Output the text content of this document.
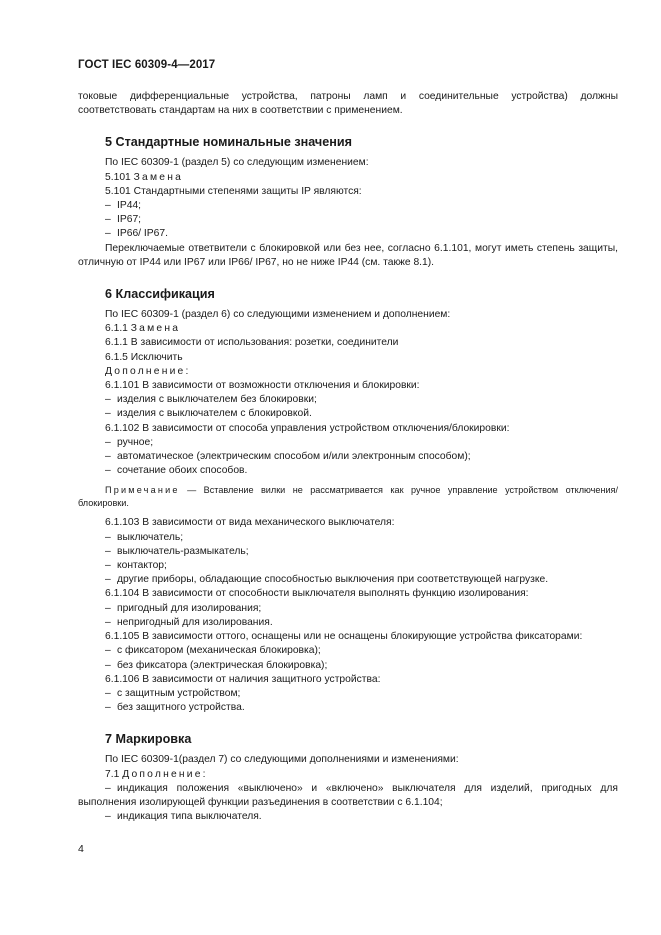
ГОСТ IEC 60309-4—2017

токовые дифференциальные устройства, патроны ламп и соединительные устройства) должны соответствовать стандартам на них в соответствии с применением.

5 Стандартные номинальные значения

По IEC 60309-1 (раздел 5) со следующим изменением:

5.101 Замена

5.101 Стандартными степенями защиты IP являются:

– IP44;

– IP67;

– IP66/ IP67.

Переключаемые ответвители с блокировкой или без нее, согласно 6.1.101, могут иметь степень защиты, отличную от IP44 или IP67 или IP66/ IP67, но не ниже IP44 (см. также 8.1).

6 Классификация

По IEC 60309-1 (раздел 6) со следующими изменением и дополнением:

6.1.1 Замена

6.1.1 В зависимости от использования: розетки, соединители

6.1.5 Исключить

Дополнение:

6.1.101 В зависимости от возможности отключения и блокировки:

– изделия с выключателем без блокировки;

– изделия с выключателем с блокировкой.

6.1.102 В зависимости от способа управления устройством отключения/блокировки:

– ручное;

– автоматическое (электрическим способом и/или электронным способом);

– сочетание обоих способов.

Примечание — Вставление вилки не рассматривается как ручное управление устройством отключения/блокировки.

6.1.103 В зависимости от вида механического выключателя:

– выключатель;

– выключатель-размыкатель;

– контактор;

– другие приборы, обладающие способностью выключения при соответствующей нагрузке.

6.1.104 В зависимости от способности выключателя выполнять функцию изолирования:

– пригодный для изолирования;

– непригодный для изолирования.

6.1.105 В зависимости оттого, оснащены или не оснащены блокирующие устройства фиксаторами:

– с фиксатором (механическая блокировка);

– без фиксатора (электрическая блокировка);

6.1.106 В зависимости от наличия защитного устройства:

– с защитным устройством;

– без защитного устройства.

7 Маркировка

По IEC 60309-1(раздел 7) со следующими дополнениями и изменениями:

7.1 Дополнение:

– индикация положения «выключено» и «включено» выключателя для изделий, пригодных для выполнения изолирующей функции разъединения в соответствии с 6.1.104;

– индикация типа выключателя.

4
